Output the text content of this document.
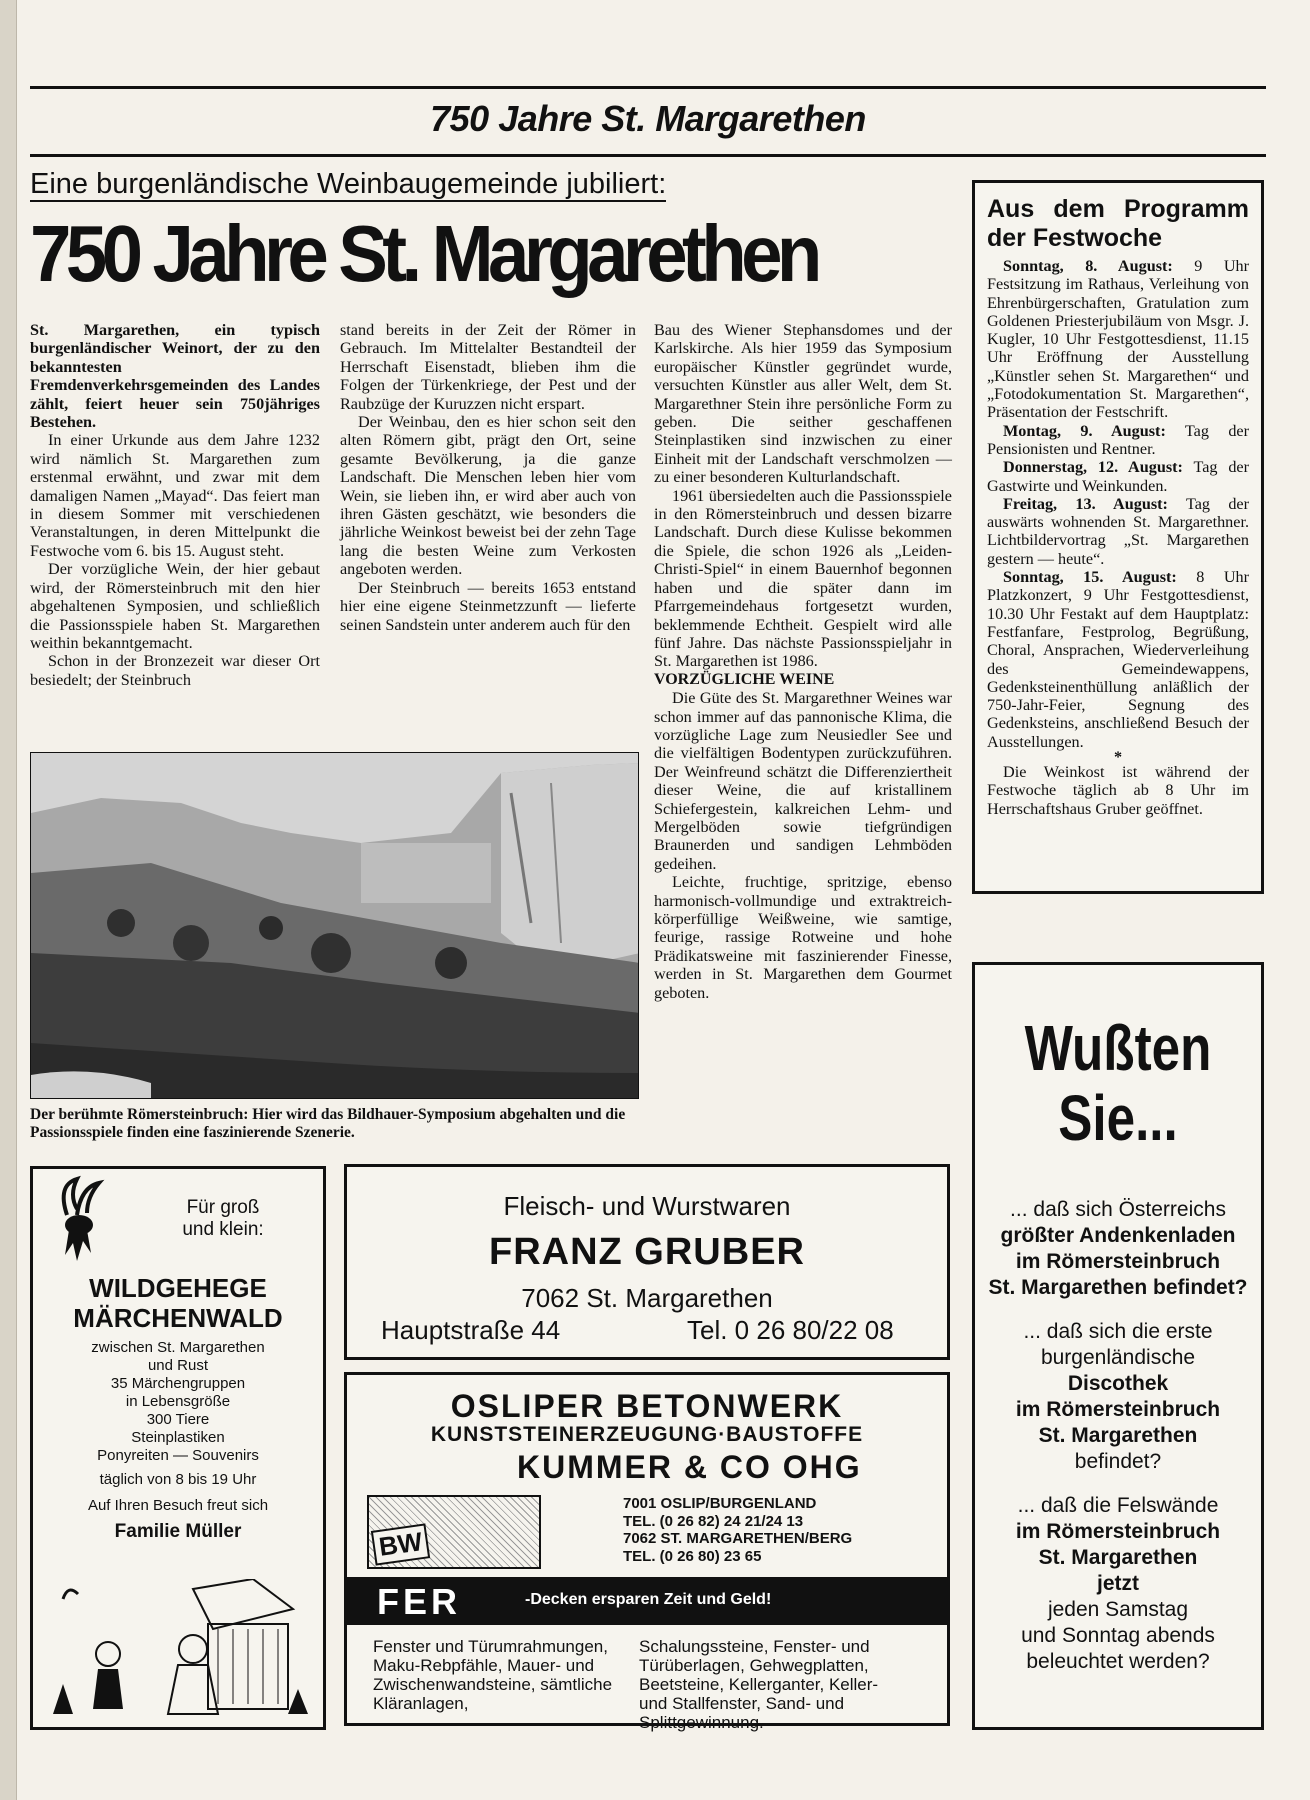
750 Jahre St. Margarethen
Eine burgenländische Weinbaugemeinde jubiliert:
750 Jahre St. Margarethen

St. Margarethen, ein typisch burgenländischer Weinort, der zu den bekanntesten Fremdenverkehrsgemeinden des Landes zählt, feiert heuer sein 750jähriges Bestehen.

In einer Urkunde aus dem Jahre 1232 wird nämlich St. Margarethen zum erstenmal erwähnt, und zwar mit dem damaligen Namen „Mayad“. Das feiert man in diesem Sommer mit verschiedenen Veranstaltungen, in deren Mittelpunkt die Festwoche vom 6. bis 15. August steht.

Der vorzügliche Wein, der hier gebaut wird, der Römersteinbruch mit den hier abgehaltenen Symposien, und schließlich die Passionsspiele haben St. Margarethen weithin bekanntgemacht.

Schon in der Bronzezeit war dieser Ort besiedelt; der Steinbruch

stand bereits in der Zeit der Römer in Gebrauch. Im Mittelalter Bestandteil der Herrschaft Eisenstadt, blieben ihm die Folgen der Türkenkriege, der Pest und der Raubzüge der Kuruzzen nicht erspart.

Der Weinbau, den es hier schon seit den alten Römern gibt, prägt den Ort, seine gesamte Bevölkerung, ja die ganze Landschaft. Die Menschen leben hier vom Wein, sie lieben ihn, er wird aber auch von ihren Gästen geschätzt, wie besonders die jährliche Weinkost beweist bei der zehn Tage lang die besten Weine zum Verkosten angeboten werden.

Der Steinbruch — bereits 1653 entstand hier eine eigene Steinmetzzunft — lieferte seinen Sandstein unter anderem auch für den

Bau des Wiener Stephansdomes und der Karlskirche. Als hier 1959 das Symposium europäischer Künstler gegründet wurde, versuchten Künstler aus aller Welt, dem St. Margarethner Stein ihre persönliche Form zu geben. Die seither geschaffenen Steinplastiken sind inzwischen zu einer Einheit mit der Landschaft verschmolzen — zu einer besonderen Kulturlandschaft.

1961 übersiedelten auch die Passionsspiele in den Römersteinbruch und dessen bizarre Landschaft. Durch diese Kulisse bekommen die Spiele, die schon 1926 als „Leiden-Christi-Spiel“ in einem Bauernhof begonnen haben und die später dann im Pfarrgemeindehaus fortgesetzt wurden, beklemmende Echtheit. Gespielt wird alle fünf Jahre. Das nächste Passionsspieljahr in St. Margarethen ist 1986.

VORZÜGLICHE WEINE

Die Güte des St. Margarethner Weines war schon immer auf das pannonische Klima, die vorzügliche Lage zum Neusiedler See und die vielfältigen Bodentypen zurückzuführen. Der Weinfreund schätzt die Differenziertheit dieser Weine, die auf kristallinem Schiefergestein, kalkreichen Lehm- und Mergelböden sowie tiefgründigen Braunerden und sandigen Lehmböden gedeihen.

Leichte, fruchtige, spritzige, ebenso harmonisch-vollmundige und extraktreich-körperfüllige Weißweine, wie samtige, feurige, rassige Rotweine und hohe Prädikatsweine mit faszinierender Finesse, werden in St. Margarethen dem Gourmet geboten.

Der berühmte Römersteinbruch: Hier wird das Bildhauer-Symposium abgehalten und die Passionsspiele finden eine faszinierende Szenerie.
Aus dem Programm der Festwoche

Sonntag, 8. August: 9 Uhr Festsitzung im Rathaus, Verleihung von Ehrenbürgerschaften, Gratulation zum Goldenen Priesterjubiläum von Msgr. J. Kugler, 10 Uhr Festgottesdienst, 11.15 Uhr Eröffnung der Ausstellung „Künstler sehen St. Margarethen“ und „Fotodokumentation St. Margarethen“, Präsentation der Festschrift.

Montag, 9. August: Tag der Pensionisten und Rentner.

Donnerstag, 12. August: Tag der Gastwirte und Weinkunden.

Freitag, 13. August: Tag der auswärts wohnenden St. Margarethner. Lichtbildervortrag „St. Margarethen gestern — heute“.

Sonntag, 15. August: 8 Uhr Platzkonzert, 9 Uhr Festgottesdienst, 10.30 Uhr Festakt auf dem Hauptplatz: Festfanfare, Festprolog, Begrüßung, Choral, Ansprachen, Wiederverleihung des Gemeindewappens, Gedenksteinenthüllung anläßlich der 750-Jahr-Feier, Segnung des Gedenksteins, anschließend Besuch der Ausstellungen.

*

Die Weinkost ist während der Festwoche täglich ab 8 Uhr im Herrschaftshaus Gruber geöffnet.

Für groß
und klein:
WILDGEHEGE
MÄRCHENWALD
zwischen St. Margarethen
und Rust
35 Märchengruppen
in Lebensgröße
300 Tiere
Steinplastiken
Ponyreiten — Souvenirs
täglich von 8 bis 19 Uhr
Auf Ihren Besuch freut sich
Familie Müller
Fleisch- und Wurstwaren
FRANZ GRUBER
7062 St. Margarethen
Hauptstraße 44	Tel. 0 26 80/22 08
OSLIPER BETONWERK
KUNSTSTEINERZEUGUNG·BAUSTOFFE
KUMMER & CO OHG
BW
7001 OSLIP/BURGENLAND
TEL. (0 26 82) 24 21/24 13
7062 ST. MARGARETHEN/BERG
TEL. (0 26 80) 23 65
FER	-Decken ersparen Zeit und Geld!
Fenster und Türumrahmungen, Maku-Rebpfähle, Mauer- und Zwischenwandsteine, sämtliche Kläranlagen,
Schalungssteine, Fenster- und Türüberlagen, Gehwegplatten, Beetsteine, Kellerganter, Keller- und Stallfenster, Sand- und Splittgewinnung.
Wußten
Sie...

... daß sich Österreichs
größter Andenkenladen
im Römersteinbruch
St. Margarethen befindet?

... daß sich die erste
burgenländische
Discothek
im Römersteinbruch
St. Margarethen
befindet?

... daß die Felswände
im Römersteinbruch
St. Margarethen
jetzt
jeden Samstag
und Sonntag abends
beleuchtet werden?
